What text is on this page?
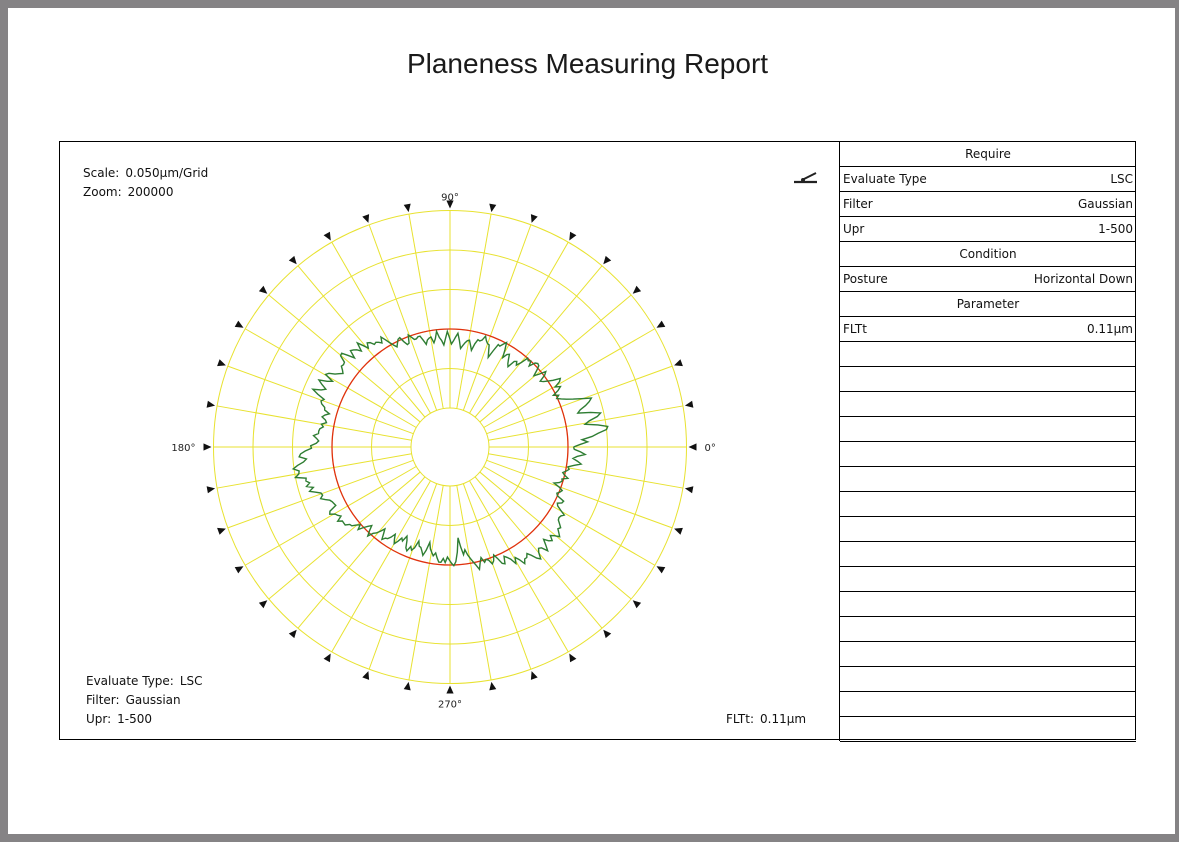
Planeness Measuring Report
Scale: 0.050μm/Grid
Zoom: 200000
0°
90°
180°
270°
Evaluate Type: LSC
Filter: Gaussian
Upr: 1-500	FLTt: 0.11μm
Require
Evaluate Type	LSC
Filter	Gaussian
Upr	1-500
Condition
Posture	Horizontal Down
Parameter
FLTt	0.11μm
